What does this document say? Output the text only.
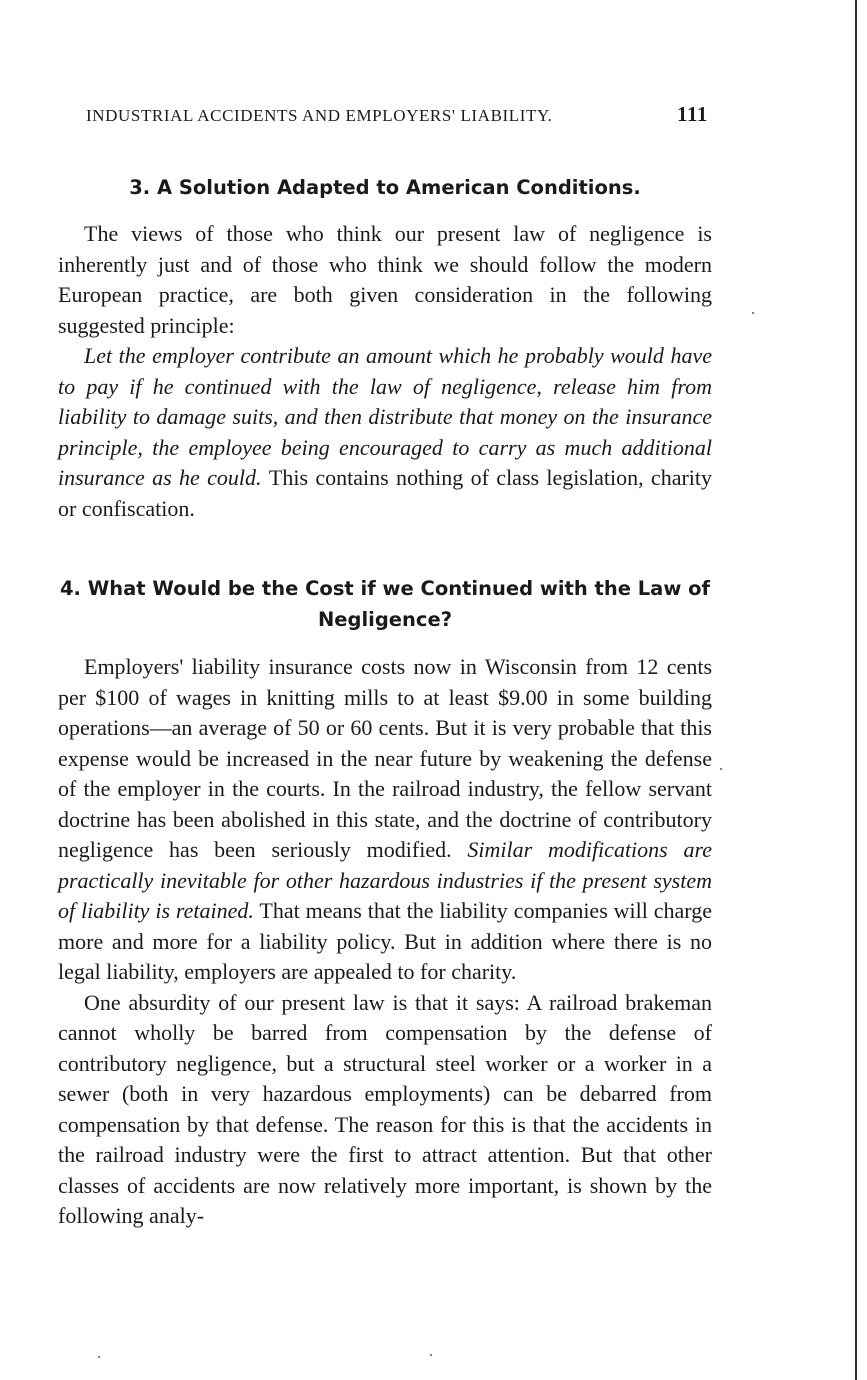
INDUSTRIAL ACCIDENTS AND EMPLOYERS' LIABILITY.	111
3. A Solution Adapted to American Conditions.

The views of those who think our present law of negligence is inherently just and of those who think we should follow the modern European practice, are both given consideration in the following suggested principle:

Let the employer contribute an amount which he probably would have to pay if he continued with the law of negligence, release him from liability to damage suits, and then distribute that money on the insurance principle, the employee being encouraged to carry as much additional insurance as he could. This contains nothing of class legislation, charity or confiscation.

4. What Would be the Cost if we Continued with the Law of Negligence?

Employers' liability insurance costs now in Wisconsin from 12 cents per $100 of wages in knitting mills to at least $9.00 in some building operations—an average of 50 or 60 cents. But it is very probable that this expense would be increased in the near future by weakening the defense of the employer in the courts. In the railroad industry, the fellow servant doctrine has been abolished in this state, and the doctrine of contributory negligence has been seriously modified. Similar modifications are practically inevitable for other hazardous industries if the present system of liability is retained. That means that the liability companies will charge more and more for a liability policy. But in addition where there is no legal liability, employers are appealed to for charity.

One absurdity of our present law is that it says: A railroad brakeman cannot wholly be barred from compensation by the defense of contributory negligence, but a structural steel worker or a worker in a sewer (both in very hazardous employments) can be debarred from compensation by that defense. The reason for this is that the accidents in the railroad industry were the first to attract attention. But that other classes of accidents are now relatively more important, is shown by the following analy-
